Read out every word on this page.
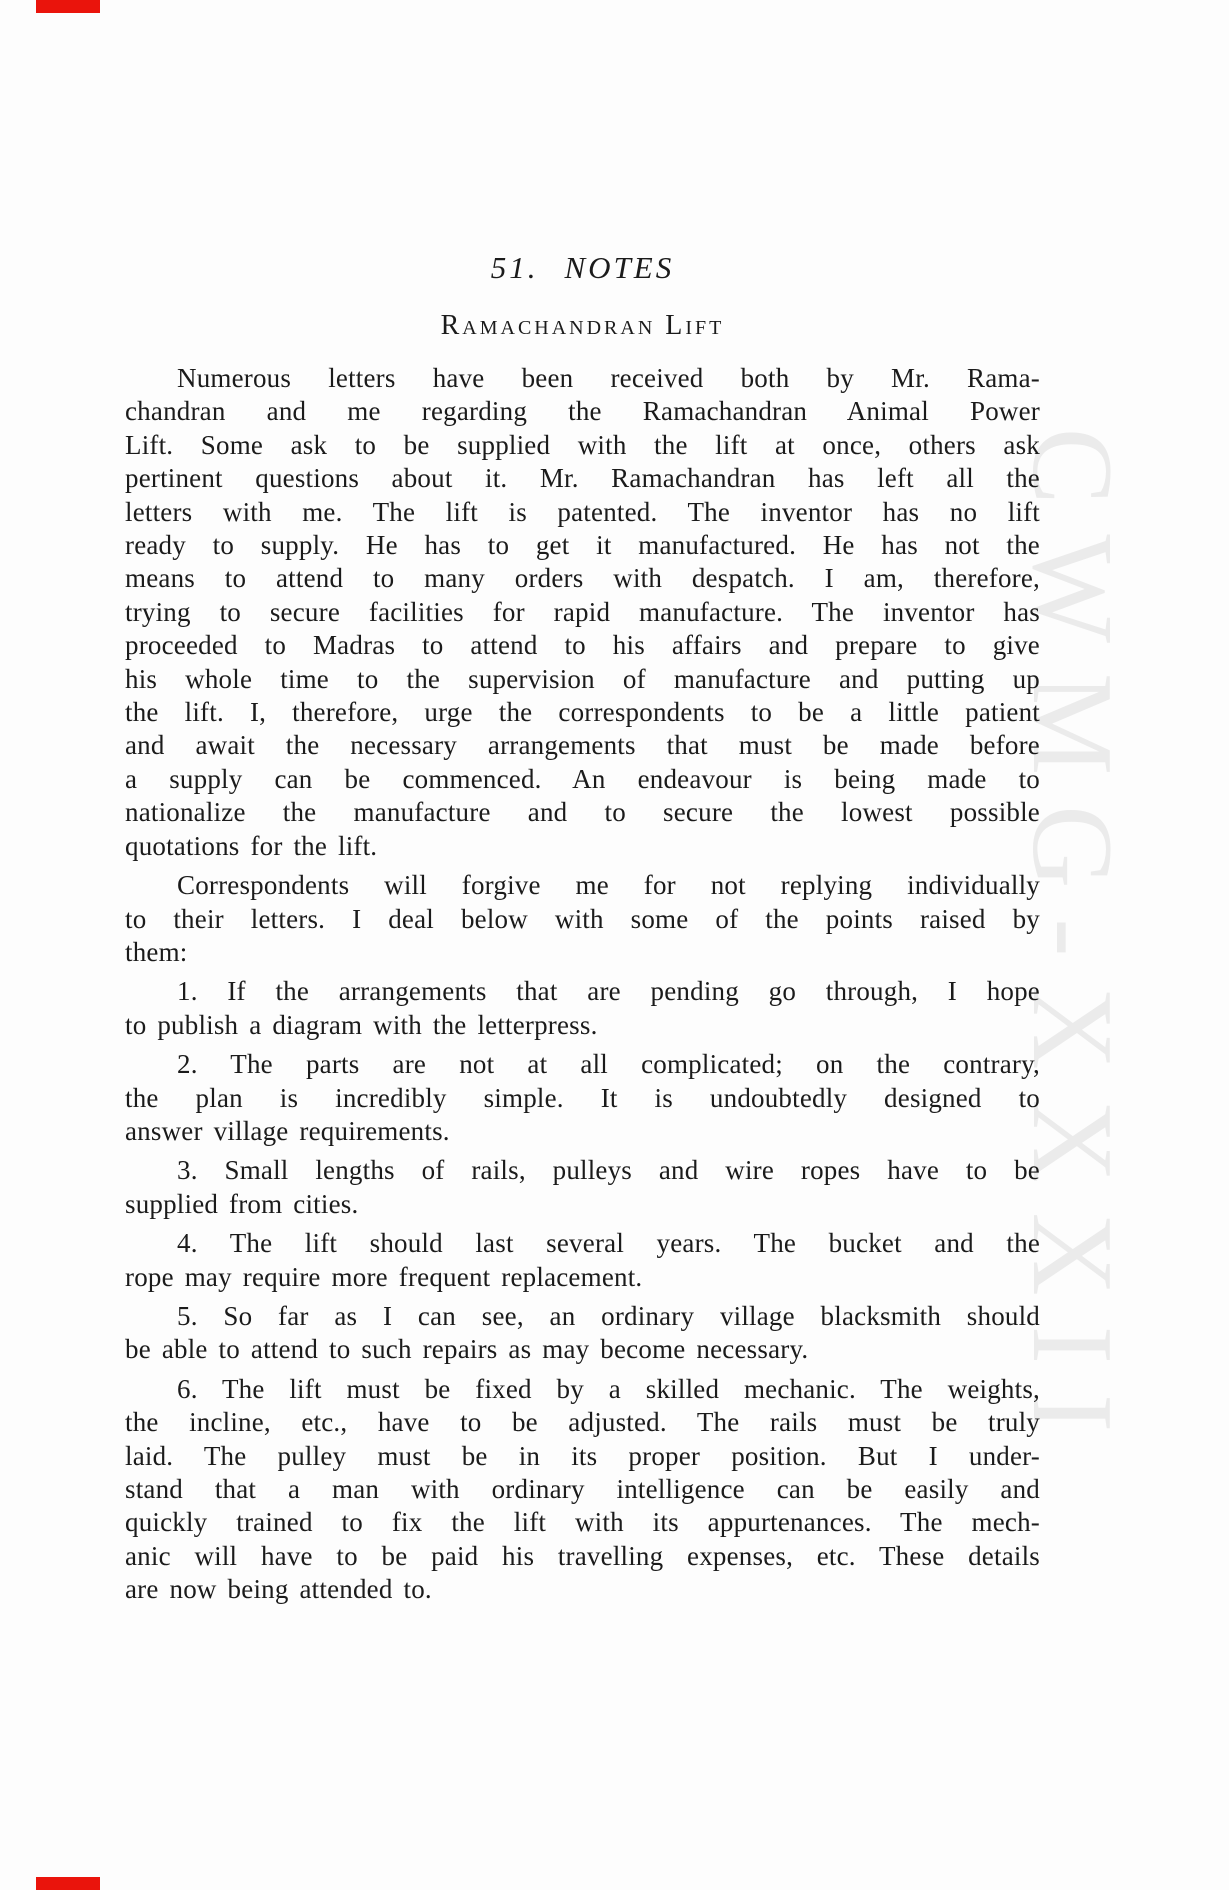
CWMG-XXXII
51. NOTES
Ramachandran Lift

Numerous letters have been received both by Mr. Rama-
chandran and me regarding the Ramachandran Animal Power
Lift. Some ask to be supplied with the lift at once, others ask
pertinent questions about it. Mr. Ramachandran has left all the
letters with me. The lift is patented. The inventor has no lift
ready to supply. He has to get it manufactured. He has not the
means to attend to many orders with despatch. I am, therefore,
trying to secure facilities for rapid manufacture. The inventor has
proceeded to Madras to attend to his affairs and prepare to give
his whole time to the supervision of manufacture and putting up
the lift. I, therefore, urge the correspondents to be a little patient
and await the necessary arrangements that must be made before
a supply can be commenced. An endeavour is being made to
nationalize the manufacture and to secure the lowest possible
quotations for the lift.

Correspondents will forgive me for not replying individually
to their letters. I deal below with some of the points raised by
them:

1. If the arrangements that are pending go through, I hope
to publish a diagram with the letterpress.

2. The parts are not at all complicated; on the contrary,
the plan is incredibly simple. It is undoubtedly designed to
answer village requirements.

3. Small lengths of rails, pulleys and wire ropes have to be
supplied from cities.

4. The lift should last several years. The bucket and the
rope may require more frequent replacement.

5. So far as I can see, an ordinary village blacksmith should
be able to attend to such repairs as may become necessary.

6. The lift must be fixed by a skilled mechanic. The weights,
the incline, etc., have to be adjusted. The rails must be truly
laid. The pulley must be in its proper position. But I under-
stand that a man with ordinary intelligence can be easily and
quickly trained to fix the lift with its appurtenances. The mech-
anic will have to be paid his travelling expenses, etc. These details
are now being attended to.
